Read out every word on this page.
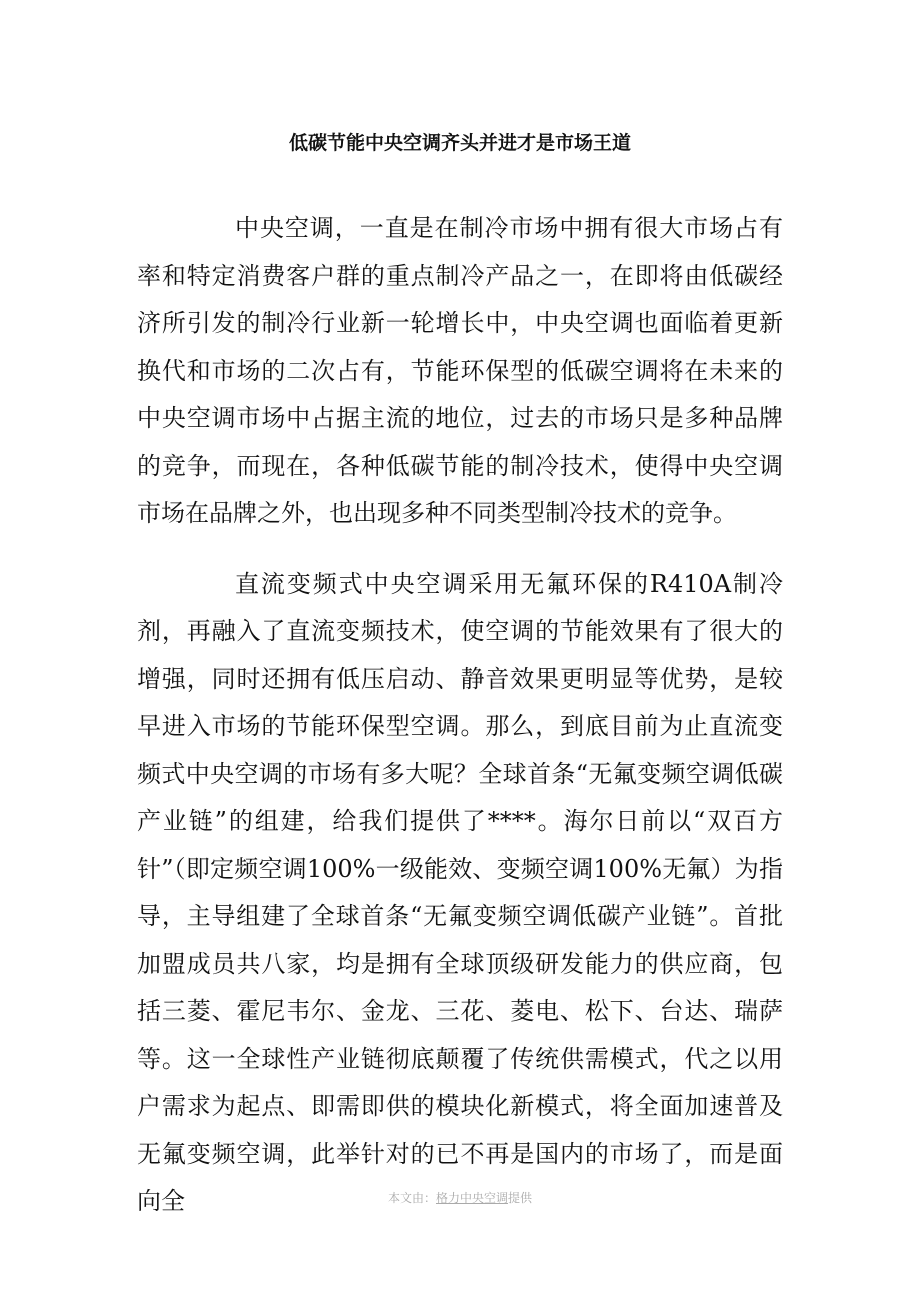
低碳节能中央空调齐头并进才是市场王道

中央空调，一直是在制冷市场中拥有很大市场占有率和特定消费客户群的重点制冷产品之一，在即将由低碳经济所引发的制冷行业新一轮增长中，中央空调也面临着更新换代和市场的二次占有，节能环保型的低碳空调将在未来的中央空调市场中占据主流的地位，过去的市场只是多种品牌的竞争，而现在，各种低碳节能的制冷技术，使得中央空调市场在品牌之外，也出现多种不同类型制冷技术的竞争。

直流变频式中央空调采用无氟环保的R410A制冷剂，再融入了直流变频技术，使空调的节能效果有了很大的增强，同时还拥有低压启动、静音效果更明显等优势，是较早进入市场的节能环保型空调。那么，到底目前为止直流变频式中央空调的市场有多大呢？全球首条“无氟变频空调低碳产业链”的组建，给我们提供了****。海尔日前以“双百方针”（即定频空调100%一级能效、变频空调100%无氟）为指导，主导组建了全球首条“无氟变频空调低碳产业链”。首批加盟成员共八家，均是拥有全球顶级研发能力的供应商，包括三菱、霍尼韦尔、金龙、三花、菱电、松下、台达、瑞萨等。这一全球性产业链彻底颠覆了传统供需模式，代之以用户需求为起点、即需即供的模块化新模式，将全面加速普及无氟变频空调，此举针对的已不再是国内的市场了，而是面向全	本文由：格力中央空调提供
